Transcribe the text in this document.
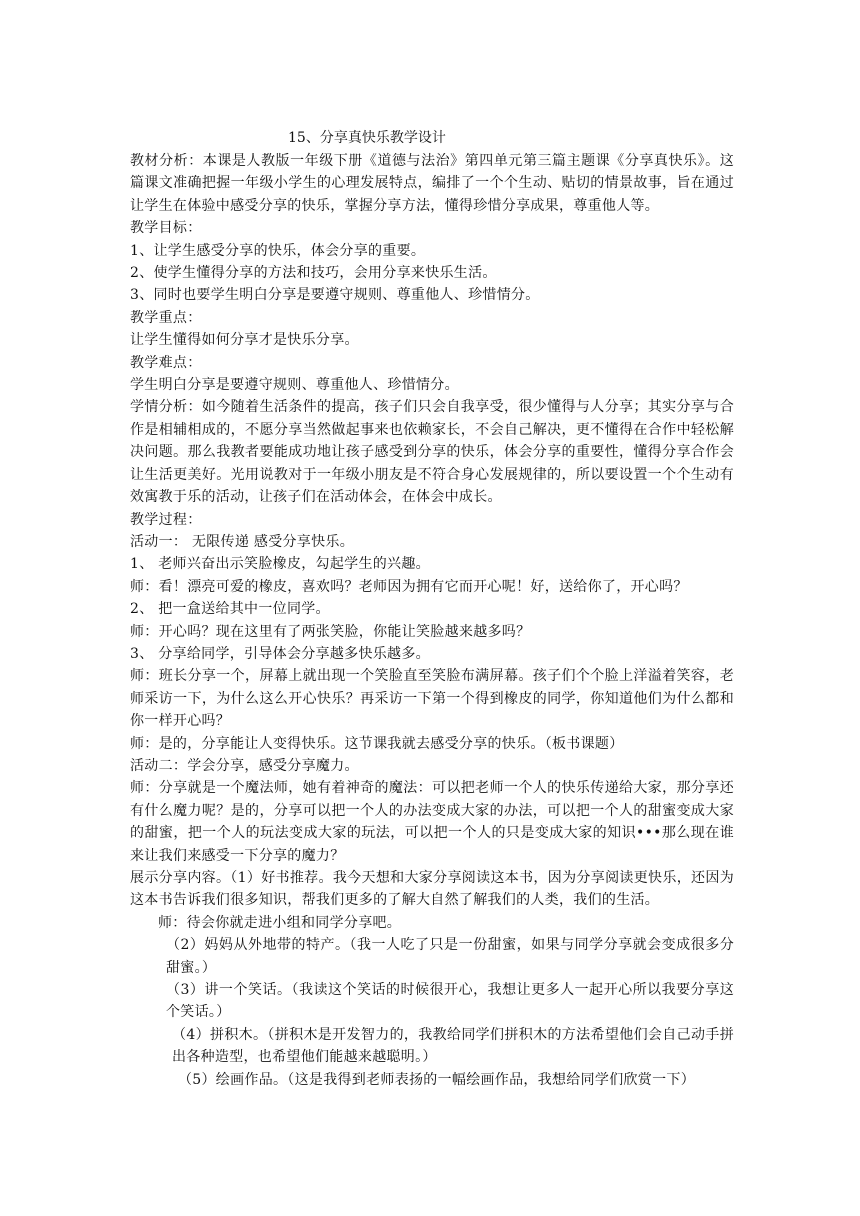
15、分享真快乐教学设计

教材分析：本课是人教版一年级下册《道德与法治》第四单元第三篇主题课《分享真快乐》。这篇课文准确把握一年级小学生的心理发展特点，编排了一个个生动、贴切的情景故事，旨在通过让学生在体验中感受分享的快乐，掌握分享方法，懂得珍惜分享成果，尊重他人等。

教学目标：

1、让学生感受分享的快乐，体会分享的重要。

2、使学生懂得分享的方法和技巧，会用分享来快乐生活。

3、同时也要学生明白分享是要遵守规则、尊重他人、珍惜情分。

教学重点：

让学生懂得如何分享才是快乐分享。

教学难点：

学生明白分享是要遵守规则、尊重他人、珍惜情分。

学情分析：如今随着生活条件的提高，孩子们只会自我享受，很少懂得与人分享；其实分享与合作是相辅相成的，不愿分享当然做起事来也依赖家长，不会自己解决，更不懂得在合作中轻松解决问题。那么我教者要能成功地让孩子感受到分享的快乐，体会分享的重要性，懂得分享合作会让生活更美好。光用说教对于一年级小朋友是不符合身心发展规律的，所以要设置一个个生动有效寓教于乐的活动，让孩子们在活动体会，在体会中成长。

教学过程：

活动一： 无限传递 感受分享快乐。

1、 老师兴奋出示笑脸橡皮，勾起学生的兴趣。

师：看！漂亮可爱的橡皮，喜欢吗？老师因为拥有它而开心呢！好，送给你了，开心吗？

2、 把一盒送给其中一位同学。

师：开心吗？现在这里有了两张笑脸，你能让笑脸越来越多吗？

3、 分享给同学，引导体会分享越多快乐越多。

师：班长分享一个，屏幕上就出现一个笑脸直至笑脸布满屏幕。孩子们个个脸上洋溢着笑容，老师采访一下，为什么这么开心快乐？再采访一下第一个得到橡皮的同学，你知道他们为什么都和你一样开心吗？

师：是的，分享能让人变得快乐。这节课我就去感受分享的快乐。（板书课题）

活动二：学会分享，感受分享魔力。

师：分享就是一个魔法师，她有着神奇的魔法：可以把老师一个人的快乐传递给大家，那分享还有什么魔力呢？是的，分享可以把一个人的办法变成大家的办法，可以把一个人的甜蜜变成大家的甜蜜，把一个人的玩法变成大家的玩法，可以把一个人的只是变成大家的知识•••那么现在谁来让我们来感受一下分享的魔力？

展示分享内容。（1）好书推荐。我今天想和大家分享阅读这本书，因为分享阅读更快乐，还因为这本书告诉我们很多知识，帮我们更多的了解大自然了解我们的人类，我们的生活。

师：待会你就走进小组和同学分享吧。

（2）妈妈从外地带的特产。（我一人吃了只是一份甜蜜，如果与同学分享就会变成很多分甜蜜。）

（3）讲一个笑话。（我读这个笑话的时候很开心，我想让更多人一起开心所以我要分享这个笑话。）

（4）拼积木。（拼积木是开发智力的，我教给同学们拼积木的方法希望他们会自己动手拼出各种造型，也希望他们能越来越聪明。）

（5）绘画作品。（这是我得到老师表扬的一幅绘画作品，我想给同学们欣赏一下）
